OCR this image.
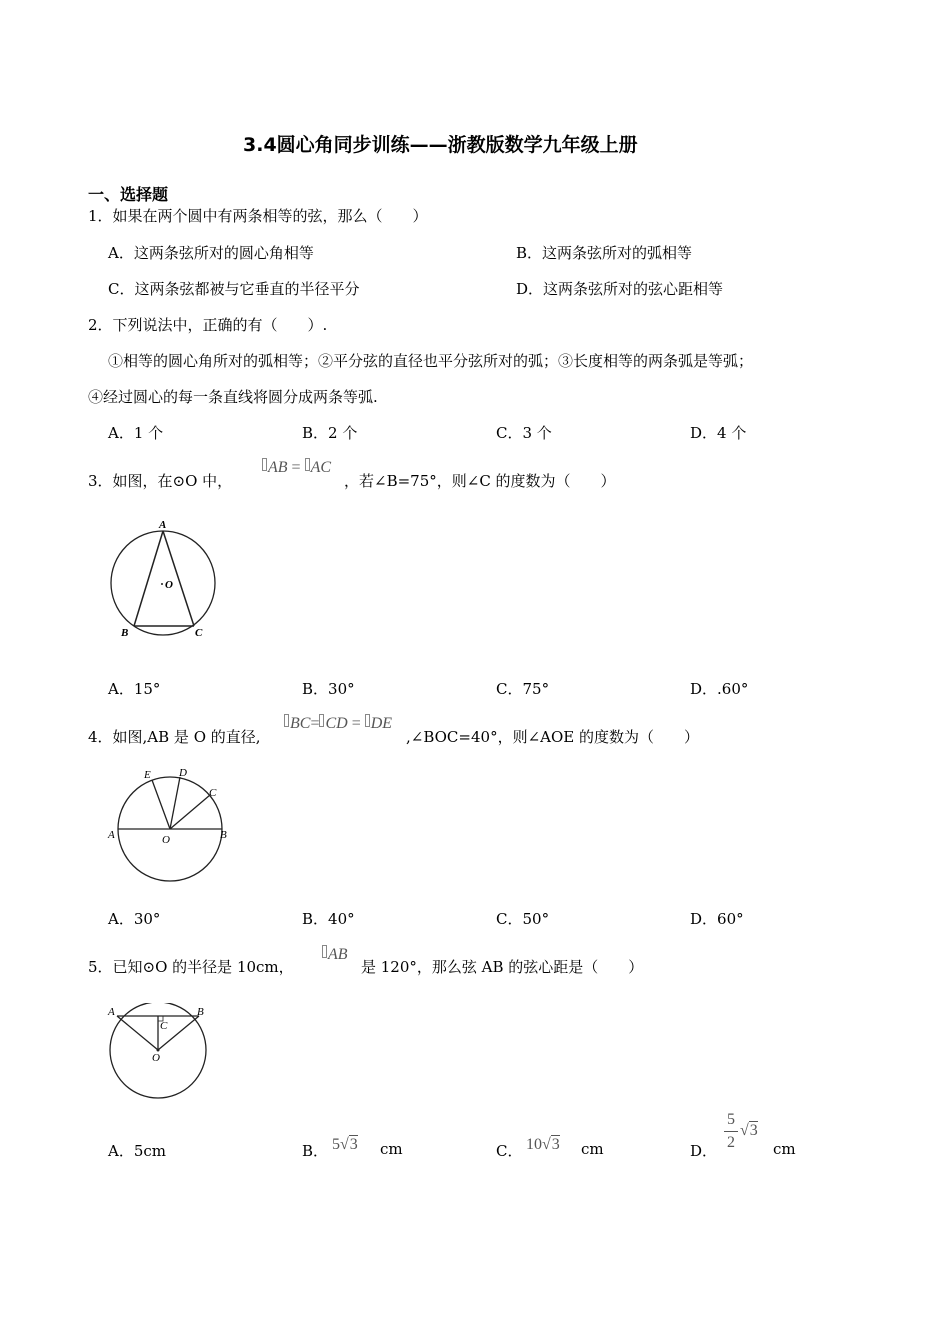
3.4圆心角同步训练——浙教版数学九年级上册
一、选择题
1．如果在两个圆中有两条相等的弦，那么（　　）
A．这两条弦所对的圆心角相等	B．这两条弦所对的弧相等
C．这两条弦都被与它垂直的半径平分	D．这两条弦所对的弦心距相等
2．下列说法中，正确的有（　　）.
①相等的圆心角所对的弧相等；②平分弦的直径也平分弦所对的弧；③长度相等的两条弧是等弧；
④经过圆心的每一条直线将圆分成两条等弧.
A．1 个	B．2 个	C．3 个	D．4 个
3．如图，在⊙O 中，
AB = AC
，若∠B=75°，则∠C 的度数为（　　）
A
O
B	C
A．15°	B．30°	C．75°	D．.60°
4．如图,AB 是 O 的直径,
BC= CD = DE
,∠BOC=40°，则∠AOE 的度数为（　　）
A	B
C
D
E
O
A．30°	B．40°	C．50°	D．60°
5．已知⊙O 的半径是 10cm，
AB
是 120°，那么弦 AB 的弦心距是（　　）
A	B
C
O
A．5cm	B． 5√3 cm	C． 10√3 cm	D．
5
2
√3
cm
